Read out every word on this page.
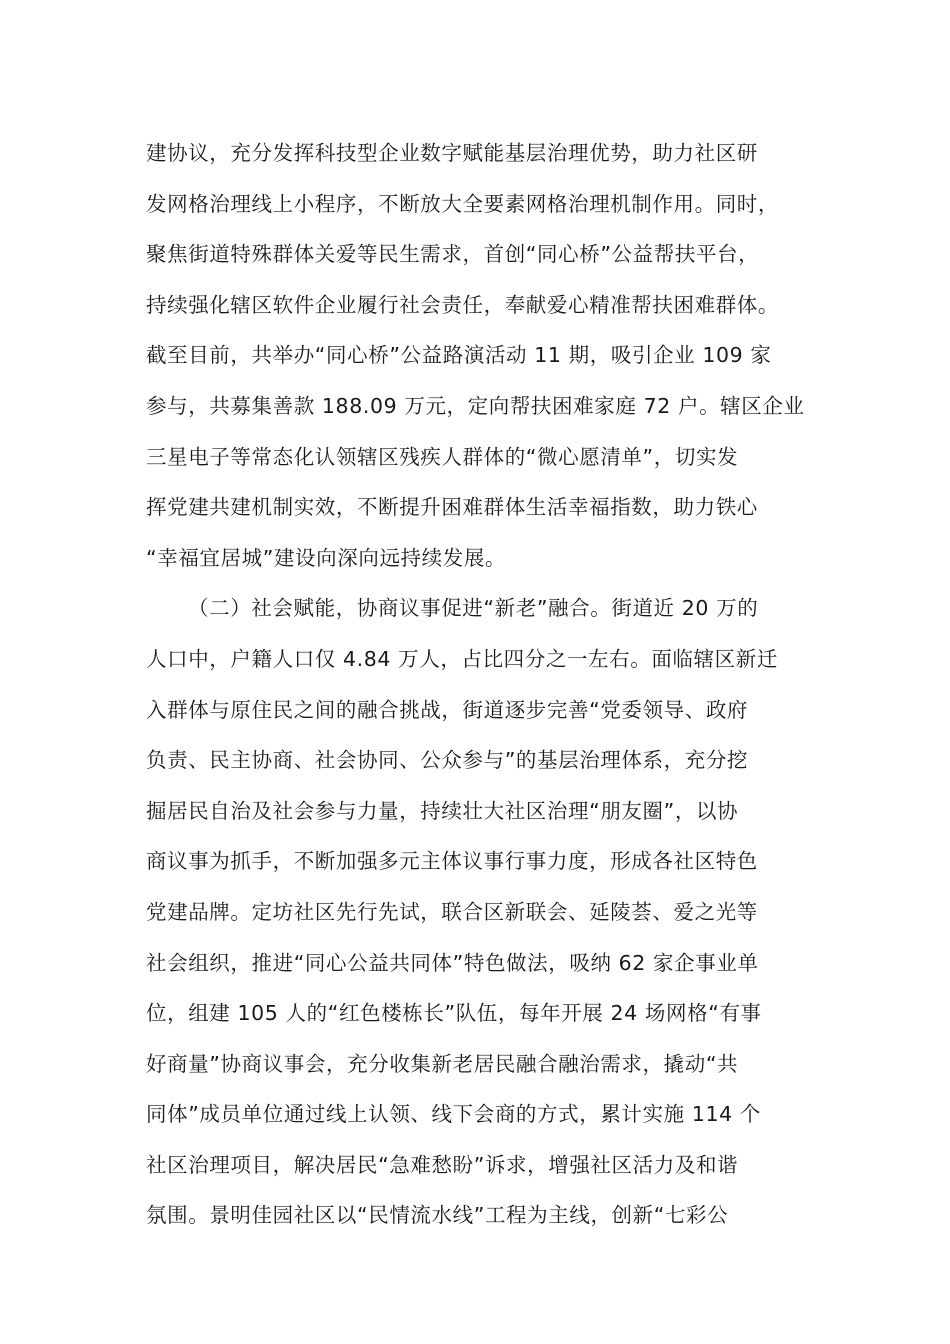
建协议，充分发挥科技型企业数字赋能基层治理优势，助力社区研
发网格治理线上小程序，不断放大全要素网格治理机制作用。同时，
聚焦街道特殊群体关爱等民生需求，首创“同心桥”公益帮扶平台，
持续强化辖区软件企业履行社会责任，奉献爱心精准帮扶困难群体。
截至目前，共举办“同心桥”公益路演活动 11 期，吸引企业 109 家
参与，共募集善款 188.09 万元，定向帮扶困难家庭 72 户。辖区企业
三星电子等常态化认领辖区残疾人群体的“微心愿清单”，切实发
挥党建共建机制实效，不断提升困难群体生活幸福指数，助力铁心
“幸福宜居城”建设向深向远持续发展。
（二）社会赋能，协商议事促进“新老”融合。街道近 20 万的
人口中，户籍人口仅 4.84 万人，占比四分之一左右。面临辖区新迁
入群体与原住民之间的融合挑战，街道逐步完善“党委领导、政府
负责、民主协商、社会协同、公众参与”的基层治理体系，充分挖
掘居民自治及社会参与力量，持续壮大社区治理“朋友圈”，以协
商议事为抓手，不断加强多元主体议事行事力度，形成各社区特色
党建品牌。定坊社区先行先试，联合区新联会、延陵荟、爱之光等
社会组织，推进“同心公益共同体”特色做法，吸纳 62 家企事业单
位，组建 105 人的“红色楼栋长”队伍，每年开展 24 场网格“有事
好商量”协商议事会，充分收集新老居民融合融治需求，撬动“共
同体”成员单位通过线上认领、线下会商的方式，累计实施 114 个
社区治理项目，解决居民“急难愁盼”诉求，增强社区活力及和谐
氛围。景明佳园社区以“民情流水线”工程为主线，创新“七彩公
